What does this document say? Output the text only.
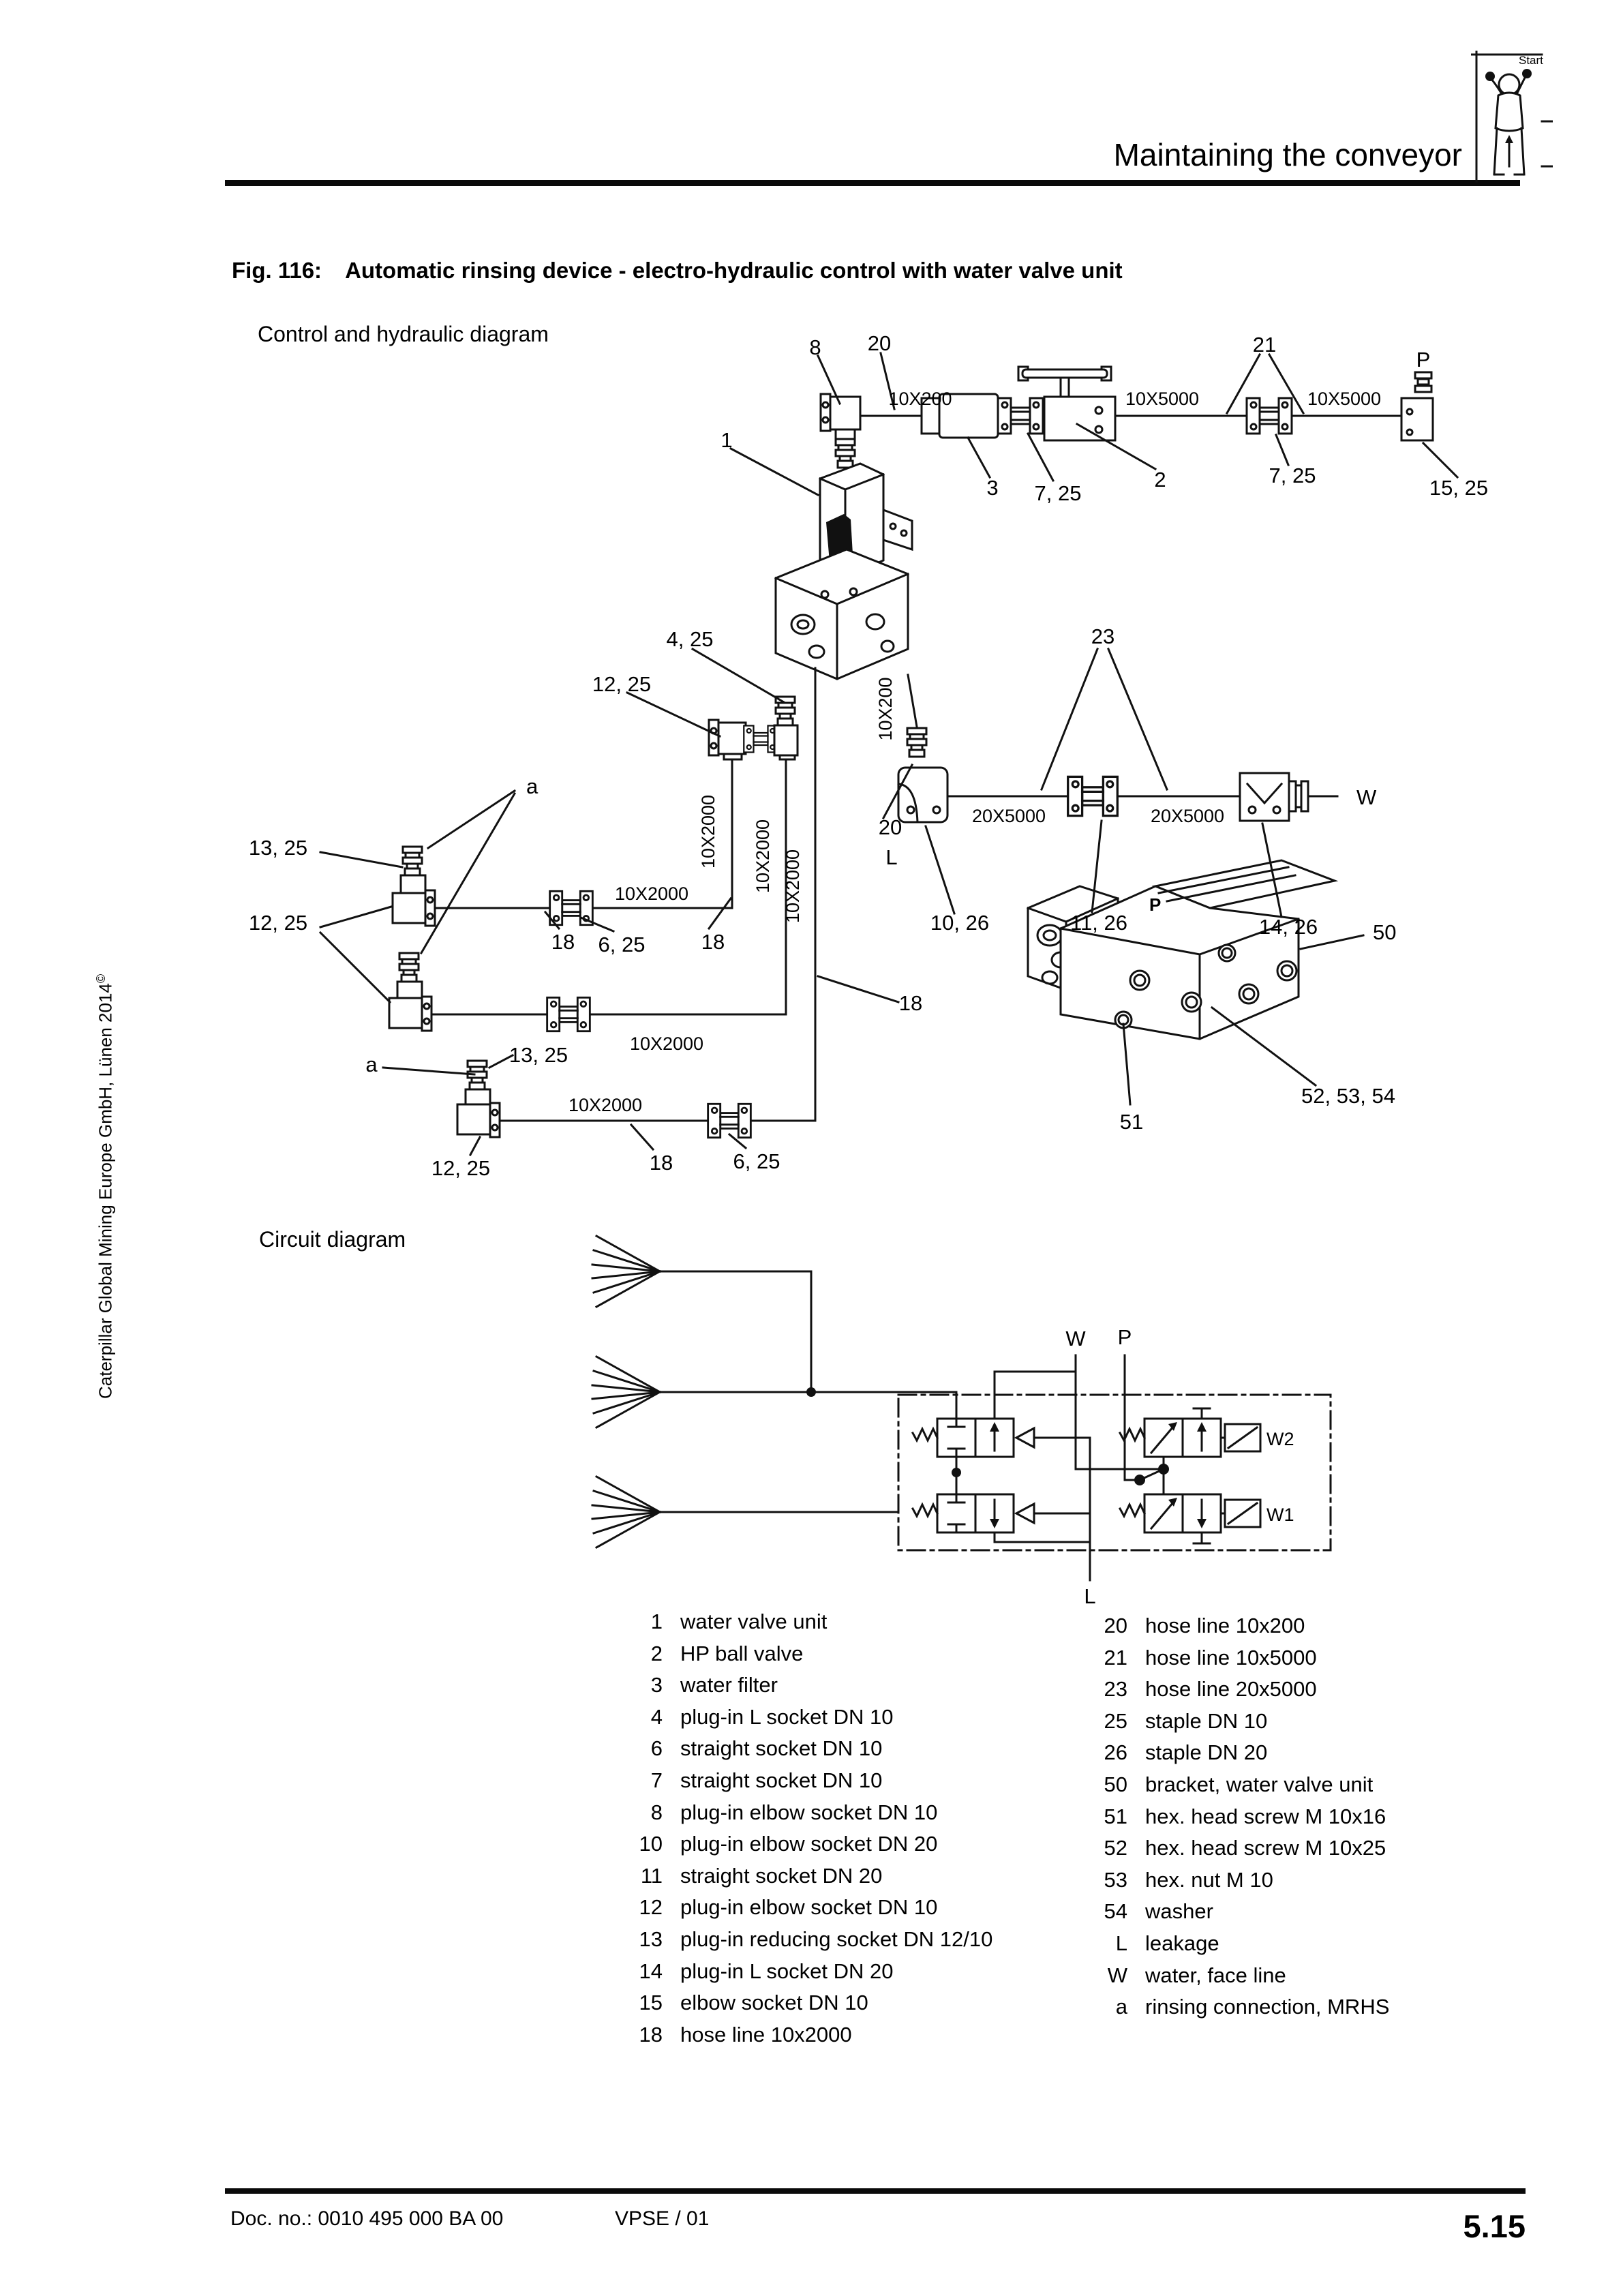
Caterpillar Global Mining Europe GmbH, Lünen 2014©
Maintaining the conveyor
Start
Fig. 116: Automatic rinsing device - electro-hydraulic control with water valve unit
Control and hydraulic diagram
Circuit diagram
8 20
10X200
21
P
10X5000	10X5000
3 7, 25
2	7, 25
15, 25
1
4, 25
12, 25	10X200
23
20X5000	20X5000
W
10, 26	11, 26	14, 26
20
L
a
13, 25
12, 25
10X2000
10X2000 10X2000 10X2000
18 6, 25	18
13, 25
a
18
10X2000
10X2000
12, 25	18	6, 25
50
51
52, 53, 54
P
W P
W2
W1
L
1 water valve unit
2 HP ball valve
3 water filter
4 plug-in L socket DN 10
6 straight socket DN 10
7 straight socket DN 10
8 plug-in elbow socket DN 10
10 plug-in elbow socket DN 20
11 straight socket DN 20
12 plug-in elbow socket DN 10
13 plug-in reducing socket DN 12/10
14 plug-in L socket DN 20
15 elbow socket DN 10
18 hose line 10x2000
20 hose line 10x200
21 hose line 10x5000
23 hose line 20x5000
25 staple DN 10
26 staple DN 20
50 bracket, water valve unit
51 hex. head screw M 10x16
52 hex. head screw M 10x25
53 hex. nut M 10
54 washer
L leakage
W water, face line
a rinsing connection, MRHS
Doc. no.: 0010 495 000 BA 00	VPSE / 01	5.15
